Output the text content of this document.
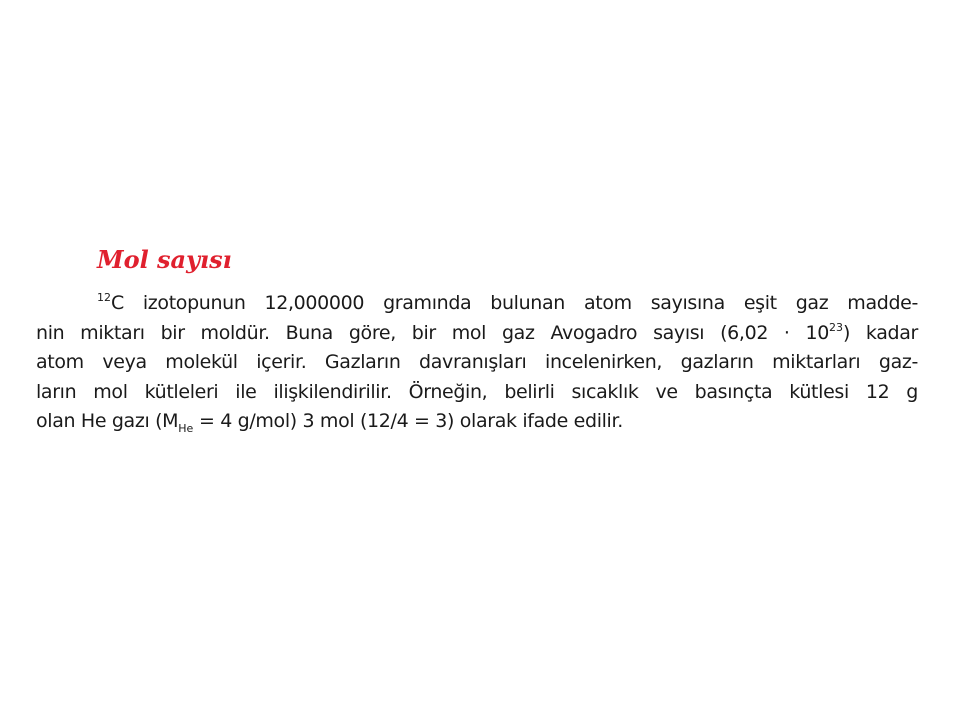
Mol sayısı
$^{12}$C izotopunun 12,000000 gramında bulunan atom sayısına eşit gaz madde-
nin miktarı bir moldür. Buna göre, bir mol gaz Avogadro sayısı $(6,02 \cdot 10^{23})$ kadar
atom veya molekül içerir. Gazların davranışları incelenirken, gazların miktarları gaz-
ların mol kütleleri ile ilişkilendirilir. Örneğin, belirli sıcaklık ve basınçta kütlesi 12 g
olan He gazı ($M_{He} = 4$ g/mol) 3 mol (12/4 = 3) olarak ifade edilir.
